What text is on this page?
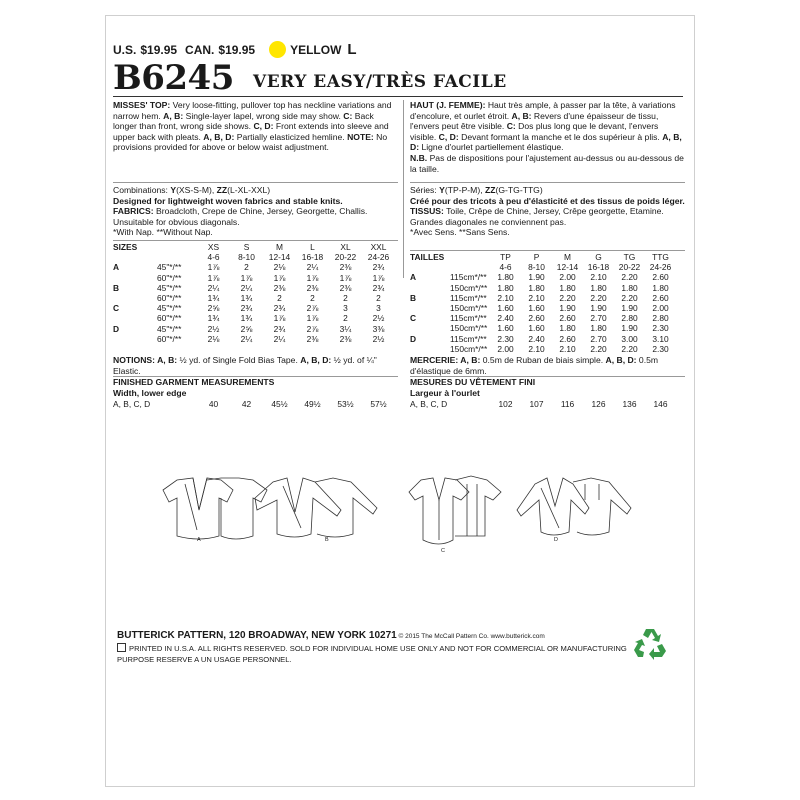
U.S. $19.95 CAN. $19.95	YELLOW L
B6245 VERY EASY/TRÈS FACILE

MISSES' TOP: Very loose-fitting, pullover top has neckline variations and narrow hem. A, B: Single-layer lapel, wrong side may show. C: Back longer than front, wrong side shows. C, D: Front extends into sleeve and upper back with pleats. A, B, D: Partially elasticized hemline. NOTE: No provisions provided for above or below waist adjustment.

Combinations: Y(XS-S-M), ZZ(L-XL-XXL)

Designed for lightweight woven fabrics and stable knits.

FABRICS: Broadcloth, Crepe de Chine, Jersey, Georgette, Challis. Unsuitable for obvious diagonals.

*With Nap. **Without Nap.

SIZES		XS	S	M	L	XL	XXL
		4-6	8-10	12-14	16-18	20-22	24-26
A	45"*/**	1⅞	2	2⅛	2¼	2⅜	2¾
	60"*/**	1⅞	1⅞	1⅞	1⅞	1⅞	1⅞
B	45"*/**	2¼	2¼	2⅜	2⅜	2⅜	2¾
	60"*/**	1¾	1¾	2	2	2	2
C	45"*/**	2⅝	2¾	2¾	2⅞	3	3
	60"*/**	1¾	1¾	1⅞	1⅞	2	2½
D	45"*/**	2½	2⅝	2¾	2⅞	3¼	3⅜
	60"*/**	2⅛	2¼	2¼	2⅜	2⅜	2½

HAUT (J. FEMME): Haut très ample, à passer par la tête, à variations d'encolure, et ourlet étroit. A, B: Revers d'une épaisseur de tissu, l'envers peut être visible. C: Dos plus long que le devant, l'envers visible. C, D: Devant formant la manche et le dos supérieur à plis. A, B, D: Ligne d'ourlet partiellement élastique.
N.B. Pas de dispositions pour l'ajustement au-dessus ou au-dessous de la taille.

Séries: Y(TP-P-M), ZZ(G-TG-TTG)

Créé pour des tricots à peu d'élasticité et des tissus de poids léger.

TISSUS: Toile, Crêpe de Chine, Jersey, Crêpe georgette, Etamine. Grandes diagonales ne conviennent pas.

*Avec Sens. **Sans Sens.

TAILLES		TP	P	M	G	TG	TTG
		4-6	8-10	12-14	16-18	20-22	24-26
A	115cm*/**	1.80	1.90	2.00	2.10	2.20	2.60
	150cm*/**	1.80	1.80	1.80	1.80	1.80	1.80
B	115cm*/**	2.10	2.10	2.20	2.20	2.20	2.60
	150cm*/**	1.60	1.60	1.90	1.90	1.90	2.00
C	115cm*/**	2.40	2.60	2.60	2.70	2.80	2.80
	150cm*/**	1.60	1.60	1.80	1.80	1.90	2.30
D	115cm*/**	2.30	2.40	2.60	2.70	3.00	3.10
	150cm*/**	2.00	2.10	2.10	2.20	2.20	2.30

NOTIONS: A, B: ½ yd. of Single Fold Bias Tape. A, B, D: ½ yd. of ¼" Elastic.

FINISHED GARMENT MEASUREMENTS

Width, lower edge

A, B, C, D	40	42	45½	49½	53½	57½

MERCERIE: A, B: 0.5m de Ruban de biais simple. A, B, D: 0.5m d'élastique de 6mm.

MESURES DU VÊTEMENT FINI

Largeur à l'ourlet

A, B, C, D	102	107	116	126	136	146
A	B
C
D
BUTTERICK PATTERN, 120 BROADWAY, NEW YORK 10271 © 2015 The McCall Pattern Co. www.butterick.com
PRINTED IN U.S.A. ALL RIGHTS RESERVED. SOLD FOR INDIVIDUAL HOME USE ONLY AND NOT FOR COMMERCIAL OR MANUFACTURING PURPOSE RESERVE A UN USAGE PERSONNEL.
